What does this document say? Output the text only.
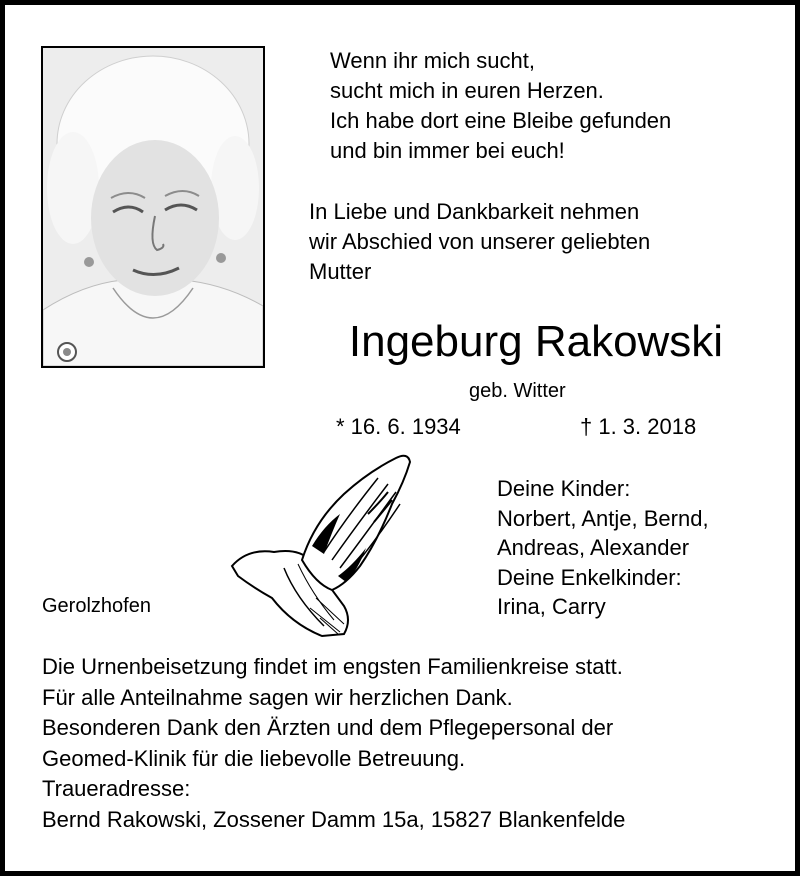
Wenn ihr mich sucht,
sucht mich in euren Herzen.
Ich habe dort eine Bleibe gefunden
und bin immer bei euch!
In Liebe und Dankbarkeit nehmen
wir Abschied von unserer geliebten
Mutter
Ingeburg Rakowski
geb. Witter
* 16. 6. 1934	† 1. 3. 2018
Deine Kinder:
Norbert, Antje, Bernd,
Andreas, Alexander
Deine Enkelkinder:
Irina, Carry
Gerolzhofen
Die Urnenbeisetzung findet im engsten Familienkreise statt.
Für alle Anteilnahme sagen wir herzlichen Dank.
Besonderen Dank den Ärzten und dem Pflegepersonal der
Geomed-Klinik für die liebevolle Betreuung.
Traueradresse:
Bernd Rakowski, Zossener Damm 15a, 15827 Blankenfelde
